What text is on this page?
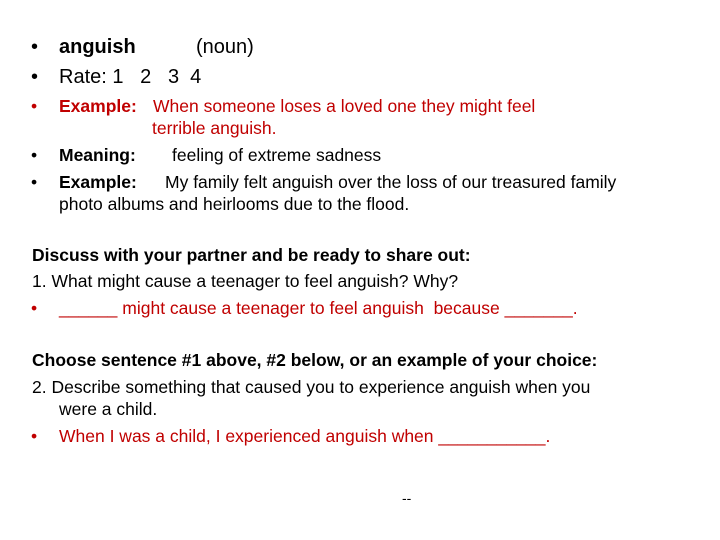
• anguish	(noun)
• Rate: 1   2   3  4
• Example: When someone loses a loved one they might feel
terrible anguish.
• Meaning: feeling of extreme sadness
• Example: My family felt anguish over the loss of our treasured family
photo albums and heirlooms due to the flood.
Discuss with your partner and be ready to share out:
1. What might cause a teenager to feel anguish? Why?
• ______ might cause a teenager to feel anguish  because _______.
Choose sentence #1 above, #2 below, or an example of your choice:
2. Describe something that caused you to experience anguish when you
were a child.
• When I was a child, I experienced anguish when ___________.
--
